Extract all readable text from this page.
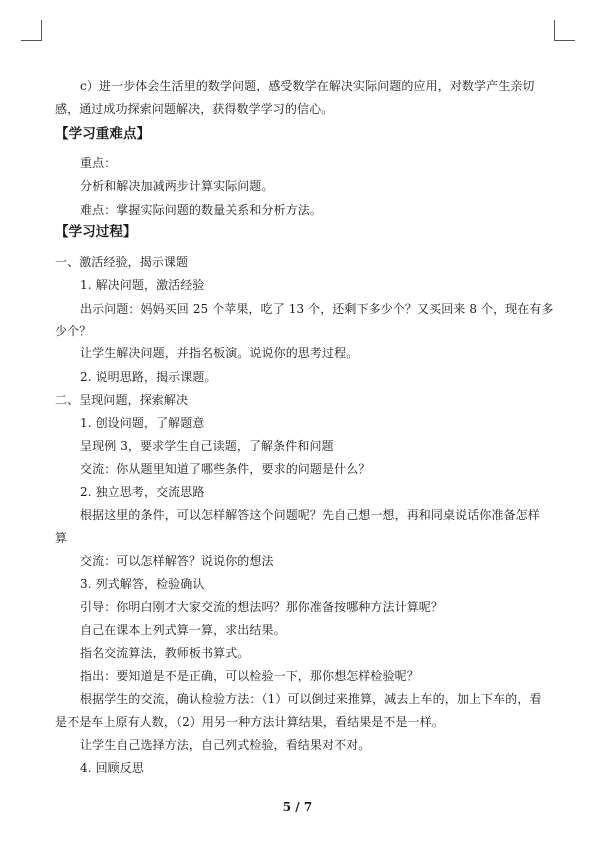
c）进一步体会生活里的数学问题，感受数学在解决实际问题的应用，对数学产生亲切
感，通过成功探索问题解决，获得数学学习的信心。
【学习重难点】
重点：
分析和解决加减两步计算实际问题。
难点：掌握实际问题的数量关系和分析方法。
【学习过程】
一、激活经验，揭示课题
1. 解决问题，激活经验
出示问题：妈妈买回 25 个苹果，吃了 13 个，还剩下多少个？又买回来 8 个，现在有多
少个？
让学生解决问题，并指名板演。说说你的思考过程。
2. 说明思路，揭示课题。
二、呈现问题，探索解决
1. 创设问题，了解题意
呈现例 3，要求学生自己读题，了解条件和问题
交流：你从题里知道了哪些条件，要求的问题是什么？
2. 独立思考，交流思路
根据这里的条件，可以怎样解答这个问题呢？先自己想一想，再和同桌说话你准备怎样
算
交流：可以怎样解答？说说你的想法
3. 列式解答，检验确认
引导：你明白刚才大家交流的想法吗？那你准备按哪种方法计算呢？
自己在课本上列式算一算，求出结果。
指名交流算法，教师板书算式。
指出：要知道是不是正确，可以检验一下，那你想怎样检验呢？
根据学生的交流，确认检验方法：（1）可以倒过来推算，减去上车的，加上下车的，看
是不是车上原有人数，（2）用另一种方法计算结果，看结果是不是一样。
让学生自己选择方法，自己列式检验，看结果对不对。
4. 回顾反思
5 / 7
